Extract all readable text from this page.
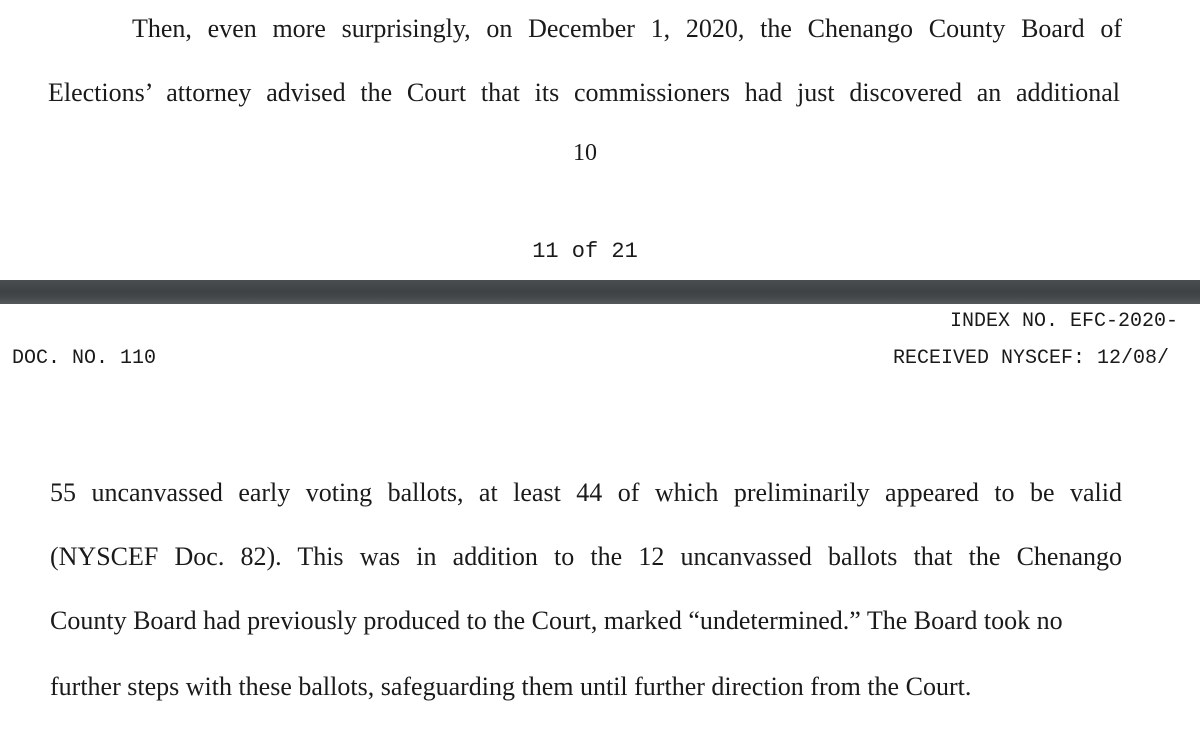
Then, even more surprisingly, on December 1, 2020, the Chenango County Board of
Elections’ attorney advised the Court that its commissioners had just discovered an additional
10
11 of 21
INDEX NO. EFC-2020-
DOC. NO. 110	RECEIVED NYSCEF: 12/08/
55 uncanvassed early voting ballots, at least 44 of which preliminarily appeared to be valid
(NYSCEF Doc. 82). This was in addition to the 12 uncanvassed ballots that the Chenango
County Board had previously produced to the Court, marked “undetermined.” The Board took no
further steps with these ballots, safeguarding them until further direction from the Court.
